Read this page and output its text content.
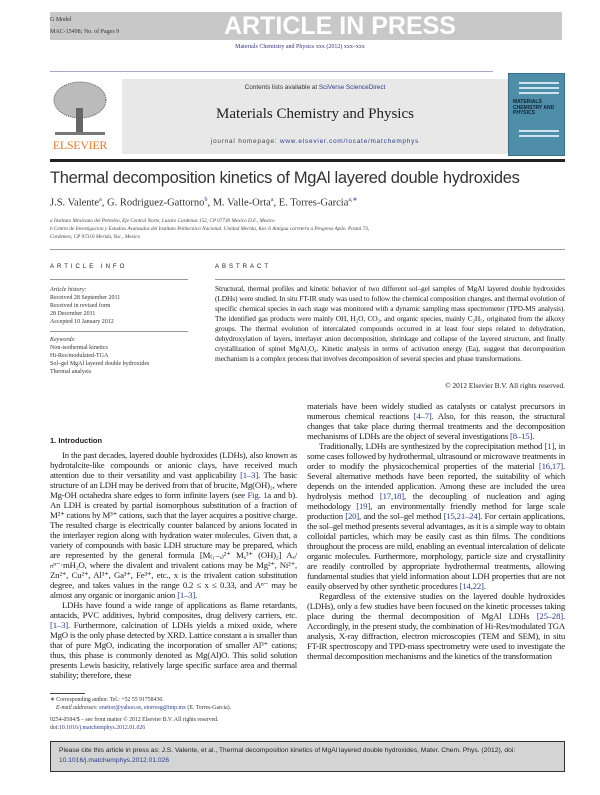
G Model
MAC-15498; No. of Pages 9	ARTICLE IN PRESS
Materials Chemistry and Physics xxx (2012) xxx–xxx
ELSEVIER
Contents lists available at SciVerse ScienceDirect
Materials Chemistry and Physics
journal homepage: www.elsevier.com/locate/matchemphys
MATERIALS CHEMISTRY AND PHYSICS
Thermal decomposition kinetics of MgAl layered double hydroxides
J.S. Valente$^a$, G. Rodriguez-Gattorno$^b$, M. Valle-Orta$^a$, E. Torres-Garcia$^{a,∗}$
a Instituto Mexicano del Petroleo, Eje Central Norte, Lazaro Cardenas 152, CP 07730 Mexico D.F., Mexico
b Centro de Investigacion y Estudios Avanzados del Instituto Politecnico Nacional. Unidad Merida, Km. 6 Antigua carretera a Progreso Apdo. Postal 73,
Cordemex, CP 97310 Merida, Yuc., Mexico
ARTICLE INFO
Article history:
Received 28 September 2011
Received in revised form
28 December 2011
Accepted 10 January 2012
Keywords:
Non-isothermal kinetics
Hi-Res/modulated-TGA
Sol–gel MgAl layered double hydroxides
Thermal analysis
ABSTRACT
Structural, thermal profiles and kinetic behavior of two different sol–gel samples of MgAl layered double hydroxides (LDHs) were studied. In situ FT-IR study was used to follow the chemical composition changes, and thermal evolution of specific chemical species in each stage was monitored with a dynamic sampling mass spectrometer (TPD-MS analysis). The identified gas products were mainly OH, H₂O, CO₂, and organic species, mainly C₂H₅, originated from the alkoxy groups. The thermal evolution of intercalated compounds occurred in at least four steps related to dehydration, dehydroxylation of layers, interlayer anion decomposition, shrinkage and collapse of the layered structure, and finally crystallization of spinel MgAl₂O₄. Kinetic analysis in terms of activation energy (Ea), suggest that decomposition mechanism is a complex process that involves decomposition of several species and phase transformations.
© 2012 Elsevier B.V. All rights reserved.
1. Introduction

In the past decades, layered double hydroxides (LDHs), also known as hydrotalcite-like compounds or anionic clays, have received much attention due to their versatility and vast applicability [1–3]. The basic structure of an LDH may be derived from that of brucite, Mg(OH)₂, where Mg-OH octahedra share edges to form infinite layers (see Fig. 1a and b). An LDH is created by partial isomorphous substitution of a fraction of M²⁺ cations by M³⁺ cations, such that the layer acquires a positive charge. The resulted charge is electrically counter balanced by anions located in the interlayer region along with hydration water molecules. Given that, a variety of compounds with basic LDH structure may be prepared, which are represented by the general formula [M₍₁₋ₓ₎²⁺ Mₓ³⁺ (OH)₂] Aₓ/ₙⁿ⁻·mH₂O, where the divalent and trivalent cations may be Mg²⁺, Ni²⁺, Zn²⁺, Cu²⁺, Al³⁺, Ga³⁺, Fe³⁺, etc., x is the trivalent cation substitution degree, and takes values in the range 0.2 ≤ x ≤ 0.33, and Aⁿ⁻ may be almost any organic or inorganic anion [1–3].

LDHs have found a wide range of applications as flame retardants, antacids, PVC additives, hybrid composites, drug delivery carriers, etc. [1–3]. Furthermore, calcination of LDHs yields a mixed oxide, where MgO is the only phase detected by XRD. Lattice constant a is smaller than that of pure MgO, indicating the incorporation of smaller Al³⁺ cations; thus, this phase is commonly denoted as Mg(Al)O. This solid solution presents Lewis basicity, relatively large specific surface area and thermal stability; therefore, these

materials have been widely studied as catalysts or catalyst precursors in numerous chemical reactions [4–7]. Also, for this reason, the structural changes that take place during thermal treatments and the decomposition mechanisms of LDHs are the object of several investigations [8–15].

Traditionally, LDHs are synthesized by the coprecipitation method [1], in some cases followed by hydrothermal, ultrasound or microwave treatments in order to modify the physicochemical properties of the material [16,17]. Several alternative methods have been reported, the suitability of which depends on the intended application. Among these are included the urea hydrolysis method [17,18], the decoupling of nucleation and aging methodology [19], an environmentally friendly method for large scale production [20], and the sol–gel method [15,21–24]. For certain applications, the sol–gel method presents several advantages, as it is a simple way to obtain colloidal particles, which may be easily cast as thin films. The conditions throughout the process are mild, enabling an eventual intercalation of delicate organic molecules. Furthermore, morphology, particle size and crystallinity are readily controlled by appropriate hydrothermal treatments, allowing fundamental studies that yield information about LDH properties that are not easily observed by other synthetic procedures [14,22].

Regardless of the extensive studies on the layered double hydroxides (LDHs), only a few studies have been focused on the kinetic processes taking place during the thermal decomposition of MgAl LDHs [25–28]. Accordingly, in the present study, the combination of Hi-Res/modulated TGA analysis, X-ray diffraction, electron microscopies (TEM and SEM), in situ FT-IR spectroscopy and TPD-mass spectrometry were used to investigate the thermal decomposition mechanisms and the kinetics of the transformation

∗ Corresponding author. Tel.: +52 55 91758430.
E-mail addresses: enetior@yahoo.es, etorresg@imp.mx (E. Torres-Garcia).
0254-0584/$ – see front matter © 2012 Elsevier B.V. All rights reserved.
doi:10.1016/j.matchemphys.2012.01.026
Please cite this article in press as: J.S. Valente, et al., Thermal decomposition kinetics of MgAl layered double hydroxides, Mater. Chem. Phys. (2012), doi: 10.1016/j.matchemphys.2012.01.026
